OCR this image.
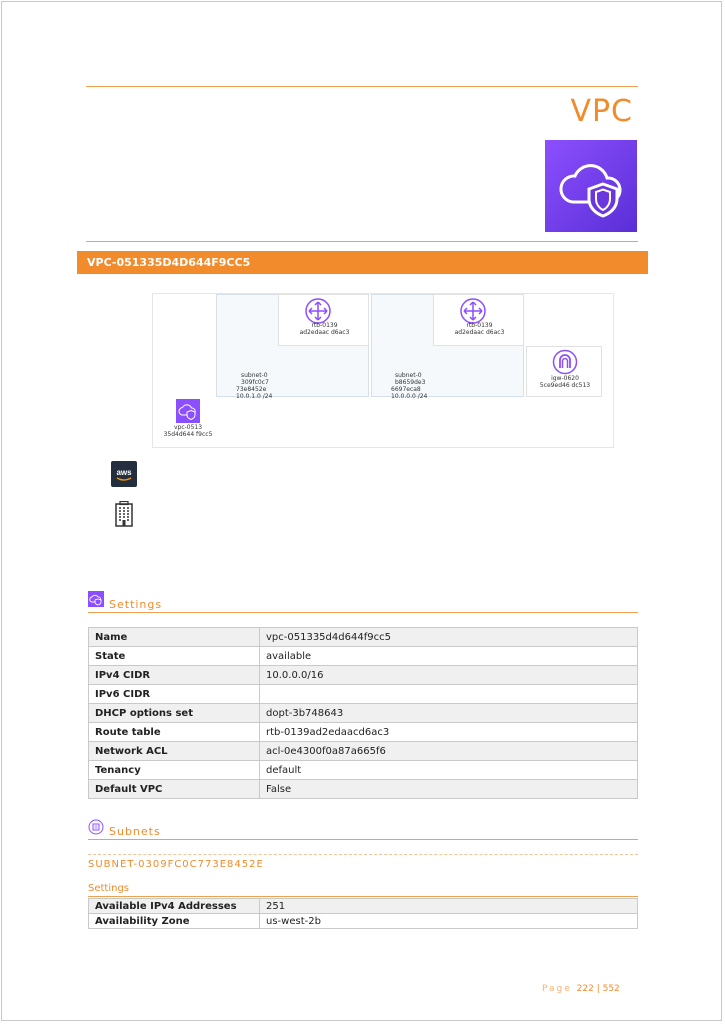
VPC
VPC-051335D4D644F9CC5
rtb-0139
ad2edaac d6ac3
rtb-0139
ad2edaac d6ac3
subnet-0
309fc0c7
73e8452e
10.0.1.0 /24
subnet-0
b8659de3
6697eca8
10.0.0.0 /24
igw-0620
5ce9ed46 dc513
vpc-0513
35d4d644 f9cc5
aws
Settings
Name	vpc-051335d4d644f9cc5
State	available
IPv4 CIDR	10.0.0.0/16
IPv6 CIDR	
DHCP options set	dopt-3b748643
Route table	rtb-0139ad2edaacd6ac3
Network ACL	acl-0e4300f0a87a665f6
Tenancy	default
Default VPC	False
Subnets
SUBNET-0309FC0C773E8452E
Settings
Available IPv4 Addresses	251
Availability Zone	us-west-2b
Page 222 | 552
